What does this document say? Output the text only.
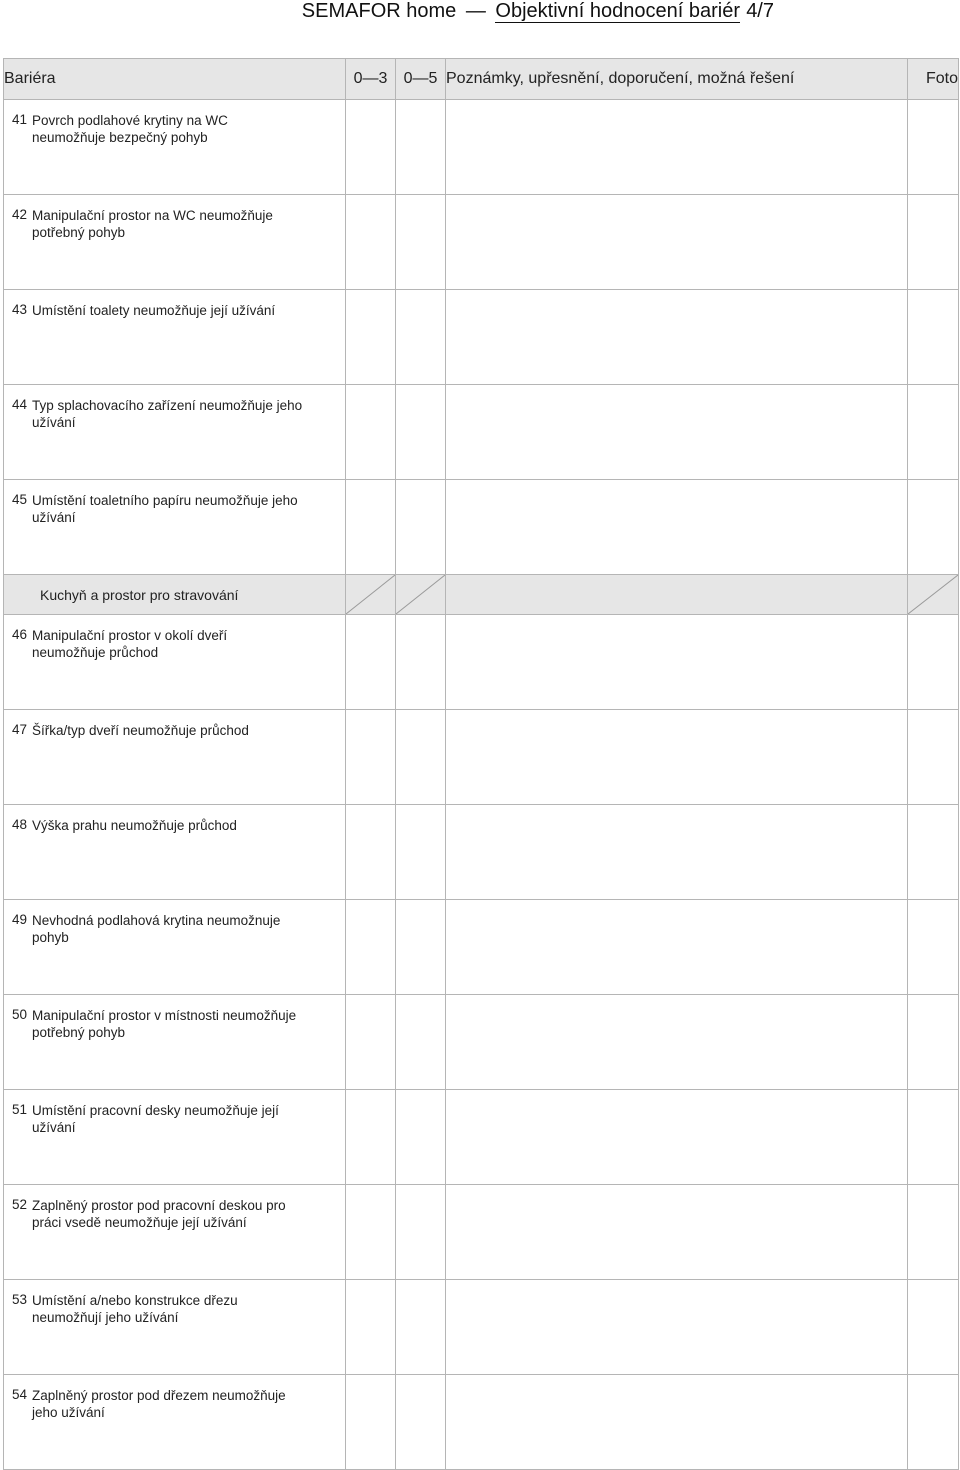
SEMAFOR home — Objektivní hodnocení bariér 4/7
Bariéra	0—3	0—5	Poznámky, upřesnění, doporučení, možná řešení	Foto
41 Povrch podlahové krytiny na WC neumožňuje bezpečný pohyb				
42 Manipulační prostor na WC neumožňuje potřebný pohyb				
43 Umístění toalety neumožňuje její užívání				
44 Typ splachovacího zařízení neumožňuje jeho užívání				
45 Umístění toaletního papíru neumožňuje jeho užívání				
Kuchyň a prostor pro stravování	

46 Manipulační prostor v okolí dveří neumožňuje průchod				
47 Šířka/typ dveří neumožňuje průchod				
48 Výška prahu neumožňuje průchod				
49 Nevhodná podlahová krytina neumožnuje pohyb				
50 Manipulační prostor v místnosti neumožňuje potřebný pohyb				
51 Umístění pracovní desky neumožňuje její užívání				
52 Zaplněný prostor pod pracovní deskou pro práci vsedě neumožňuje její užívání				
53 Umístění a/nebo konstrukce dřezu neumožňují jeho užívání				
54 Zaplněný prostor pod dřezem neumožňuje jeho užívání				
